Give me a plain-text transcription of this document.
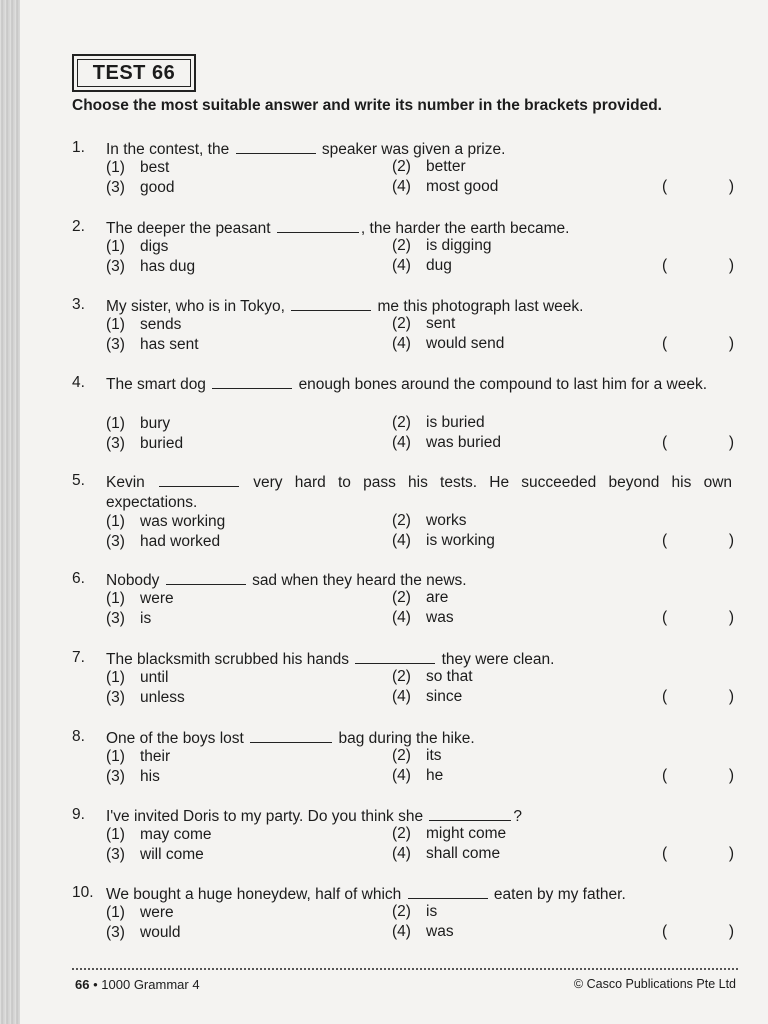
TEST 66
Choose the most suitable answer and write its number in the brackets provided.
1. In the contest, the	speaker was given a prize.
(1) best	(2) better
(3) good	(4) most good	(	)
2. The deeper the peasant	, the harder the earth became.
(1) digs	(2) is digging
(3) has dug	(4) dug	(	)
3. My sister, who is in Tokyo,	me this photograph last week.
(1) sends	(2) sent
(3) has sent	(4) would send	(	)
4. The smart dog	enough bones around the compound to last him for a week.
(1) bury	(2) is buried
(3) buried	(4) was buried	(	)
5. Kevin	very hard to pass his tests. He succeeded beyond his own expectations.
(1) was working	(2) works
(3) had worked	(4) is working	(	)
6. Nobody	sad when they heard the news.
(1) were	(2) are
(3) is	(4) was	(	)
7. The blacksmith scrubbed his hands	they were clean.
(1) until	(2) so that
(3) unless	(4) since	(	)
8. One of the boys lost	bag during the hike.
(1) their	(2) its
(3) his	(4) he	(	)
9. I've invited Doris to my party. Do you think she	?
(1) may come	(2) might come
(3) will come	(4) shall come	(	)
10. We bought a huge honeydew, half of which	eaten by my father.
(1) were	(2) is
(3) would	(4) was	(	)
66 • 1000 Grammar 4	© Casco Publications Pte Ltd
